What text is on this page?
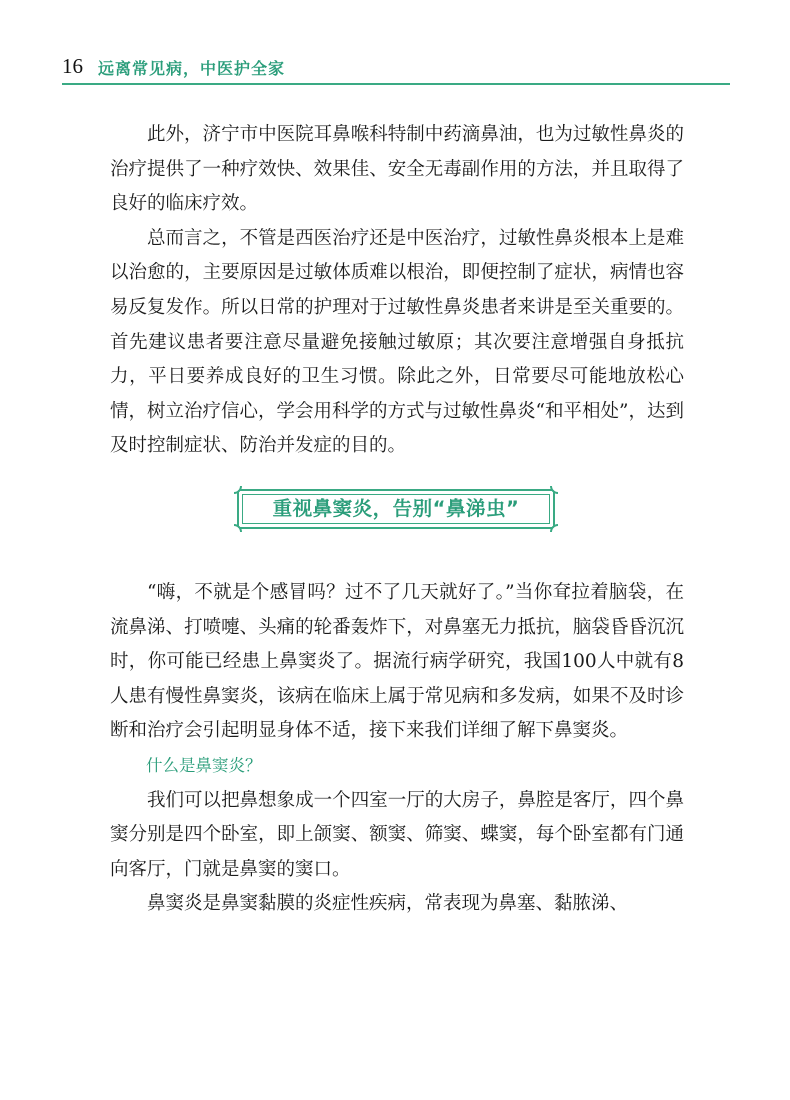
16 远离常见病，中医护全家

此外，济宁市中医院耳鼻喉科特制中药滴鼻油，也为过敏性鼻炎的治疗提供了一种疗效快、效果佳、安全无毒副作用的方法，并且取得了良好的临床疗效。

总而言之，不管是西医治疗还是中医治疗，过敏性鼻炎根本上是难以治愈的，主要原因是过敏体质难以根治，即便控制了症状，病情也容易反复发作。所以日常的护理对于过敏性鼻炎患者来讲是至关重要的。首先建议患者要注意尽量避免接触过敏原；其次要注意增强自身抵抗力，平日要养成良好的卫生习惯。除此之外，日常要尽可能地放松心情，树立治疗信心，学会用科学的方式与过敏性鼻炎“和平相处”，达到及时控制症状、防治并发症的目的。

重视鼻窦炎，告别“鼻涕虫”

“嗨，不就是个感冒吗？过不了几天就好了。”当你耷拉着脑袋，在流鼻涕、打喷嚏、头痛的轮番轰炸下，对鼻塞无力抵抗，脑袋昏昏沉沉时，你可能已经患上鼻窦炎了。据流行病学研究，我国100人中就有8人患有慢性鼻窦炎，该病在临床上属于常见病和多发病，如果不及时诊断和治疗会引起明显身体不适，接下来我们详细了解下鼻窦炎。

什么是鼻窦炎？

我们可以把鼻想象成一个四室一厅的大房子，鼻腔是客厅，四个鼻窦分别是四个卧室，即上颌窦、额窦、筛窦、蝶窦，每个卧室都有门通向客厅，门就是鼻窦的窦口。

鼻窦炎是鼻窦黏膜的炎症性疾病，常表现为鼻塞、黏脓涕、
